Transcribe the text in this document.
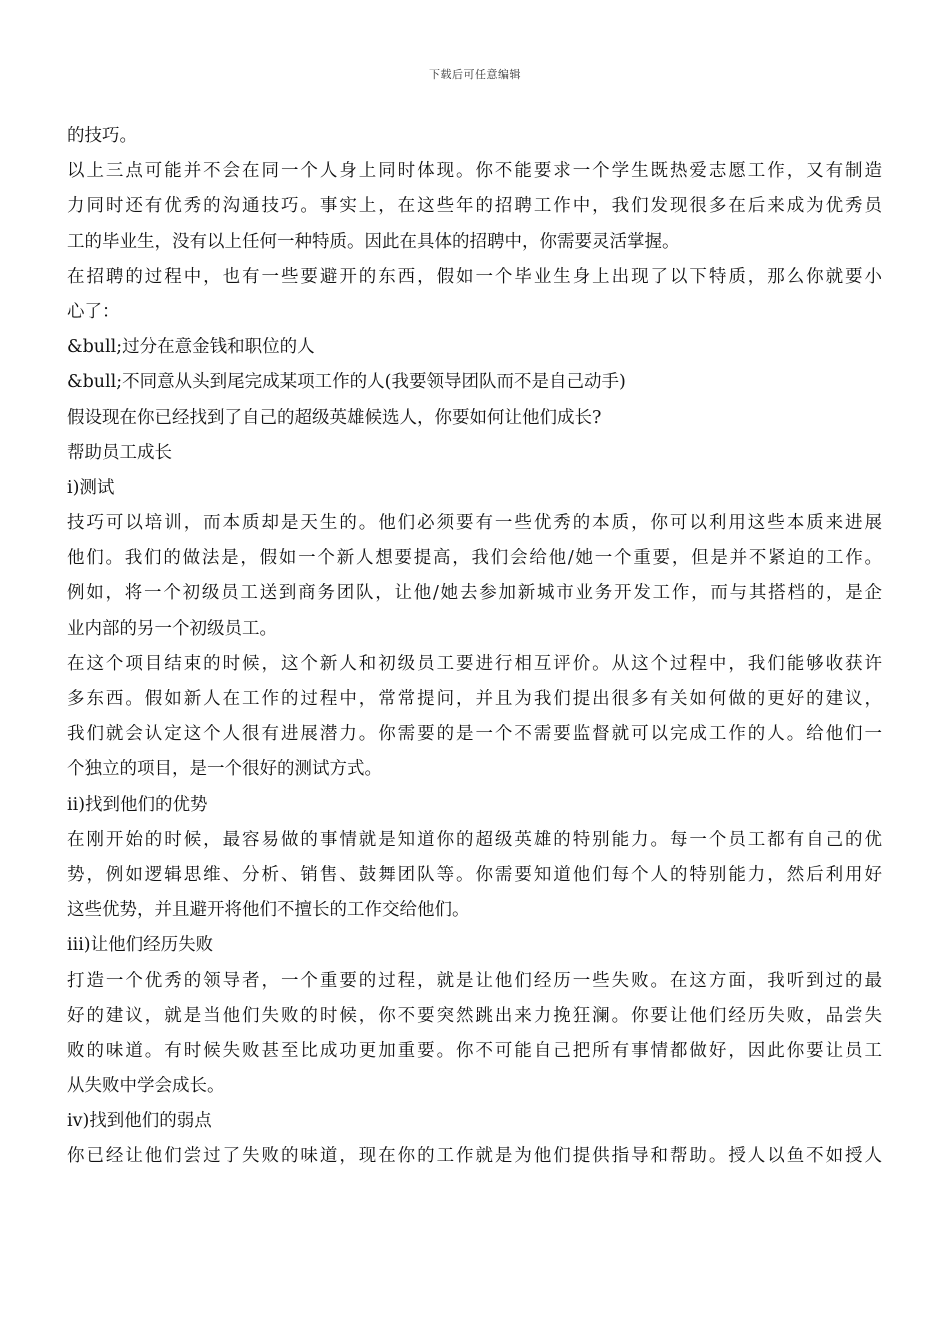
下载后可任意编辑
的技巧。
以上三点可能并不会在同一个人身上同时体现。你不能要求一个学生既热爱志愿工作，又有制造
力同时还有优秀的沟通技巧。事实上，在这些年的招聘工作中，我们发现很多在后来成为优秀员
工的毕业生，没有以上任何一种特质。因此在具体的招聘中，你需要灵活掌握。
在招聘的过程中，也有一些要避开的东西，假如一个毕业生身上出现了以下特质，那么你就要小
心了：
&bull;过分在意金钱和职位的人
&bull;不同意从头到尾完成某项工作的人(我要领导团队而不是自己动手)
假设现在你已经找到了自己的超级英雄候选人，你要如何让他们成长?
帮助员工成长
i)测试
技巧可以培训，而本质却是天生的。他们必须要有一些优秀的本质，你可以利用这些本质来进展
他们。我们的做法是，假如一个新人想要提高，我们会给他/她一个重要，但是并不紧迫的工作。
例如，将一个初级员工送到商务团队，让他/她去参加新城市业务开发工作，而与其搭档的，是企
业内部的另一个初级员工。
在这个项目结束的时候，这个新人和初级员工要进行相互评价。从这个过程中，我们能够收获许
多东西。假如新人在工作的过程中，常常提问，并且为我们提出很多有关如何做的更好的建议，
我们就会认定这个人很有进展潜力。你需要的是一个不需要监督就可以完成工作的人。给他们一
个独立的项目，是一个很好的测试方式。
ii)找到他们的优势
在刚开始的时候，最容易做的事情就是知道你的超级英雄的特别能力。每一个员工都有自己的优
势，例如逻辑思维、分析、销售、鼓舞团队等。你需要知道他们每个人的特别能力，然后利用好
这些优势，并且避开将他们不擅长的工作交给他们。
iii)让他们经历失败
打造一个优秀的领导者，一个重要的过程，就是让他们经历一些失败。在这方面，我听到过的最
好的建议，就是当他们失败的时候，你不要突然跳出来力挽狂澜。你要让他们经历失败，品尝失
败的味道。有时候失败甚至比成功更加重要。你不可能自己把所有事情都做好，因此你要让员工
从失败中学会成长。
iv)找到他们的弱点
你已经让他们尝过了失败的味道，现在你的工作就是为他们提供指导和帮助。授人以鱼不如授人
